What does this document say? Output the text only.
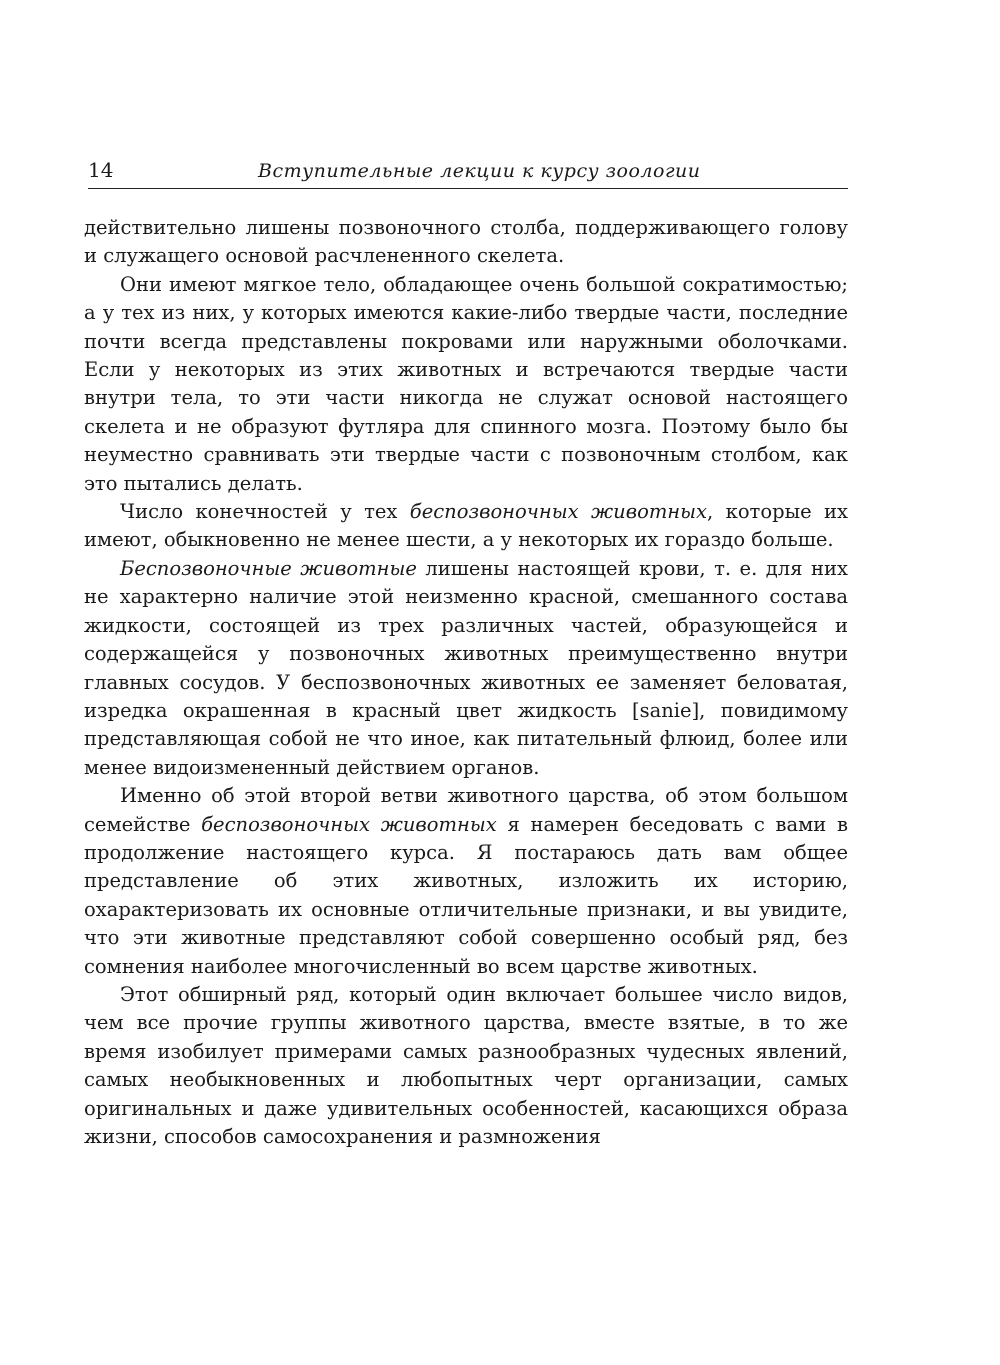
14	Вступительные лекции к курсу зоологии

действительно лишены позвоночного столба, поддерживающего голову и служащего основой расчлененного скелета.

Они имеют мягкое тело, обладающее очень большой сократимостью; а у тех из них, у которых имеются какие-либо твердые части, последние почти всегда представлены покровами или наружными оболочками. Если у некоторых из этих животных и встречаются твердые части внутри тела, то эти части никогда не служат основой настоящего скелета и не образуют футляра для спинного мозга. Поэтому было бы неуместно сравнивать эти твердые части с позвоночным столбом, как это пытались делать.

Число конечностей у тех беспозвоночных животных, которые их имеют, обыкновенно не менее шести, а у некоторых их гораздо больше.

Беспозвоночные животные лишены настоящей крови, т. е. для них не характерно наличие этой неизменно красной, смешанного состава жидкости, состоящей из трех различных частей, образующейся и содержащейся у позвоночных животных преимущественно внутри главных сосудов. У беспозвоночных животных ее заменяет беловатая, изредка окрашенная в красный цвет жидкость [sanie], повидимому представляющая собой не что иное, как питательный флюид, более или менее видоизмененный действием органов.

Именно об этой второй ветви животного царства, об этом большом семействе беспозвоночных животных я намерен беседовать с вами в продолжение настоящего курса. Я постараюсь дать вам общее представление об этих животных, изложить их историю, охарактеризовать их основные отличительные признаки, и вы увидите, что эти животные представляют собой совершенно особый ряд, без сомнения наиболее многочисленный во всем царстве животных.

Этот обширный ряд, который один включает большее число видов, чем все прочие группы животного царства, вместе взятые, в то же время изобилует примерами самых разнообразных чудесных явлений, самых необыкновенных и любопытных черт организации, самых оригинальных и даже удивительных особенностей, касающихся образа жизни, способов самосохранения и размножения
